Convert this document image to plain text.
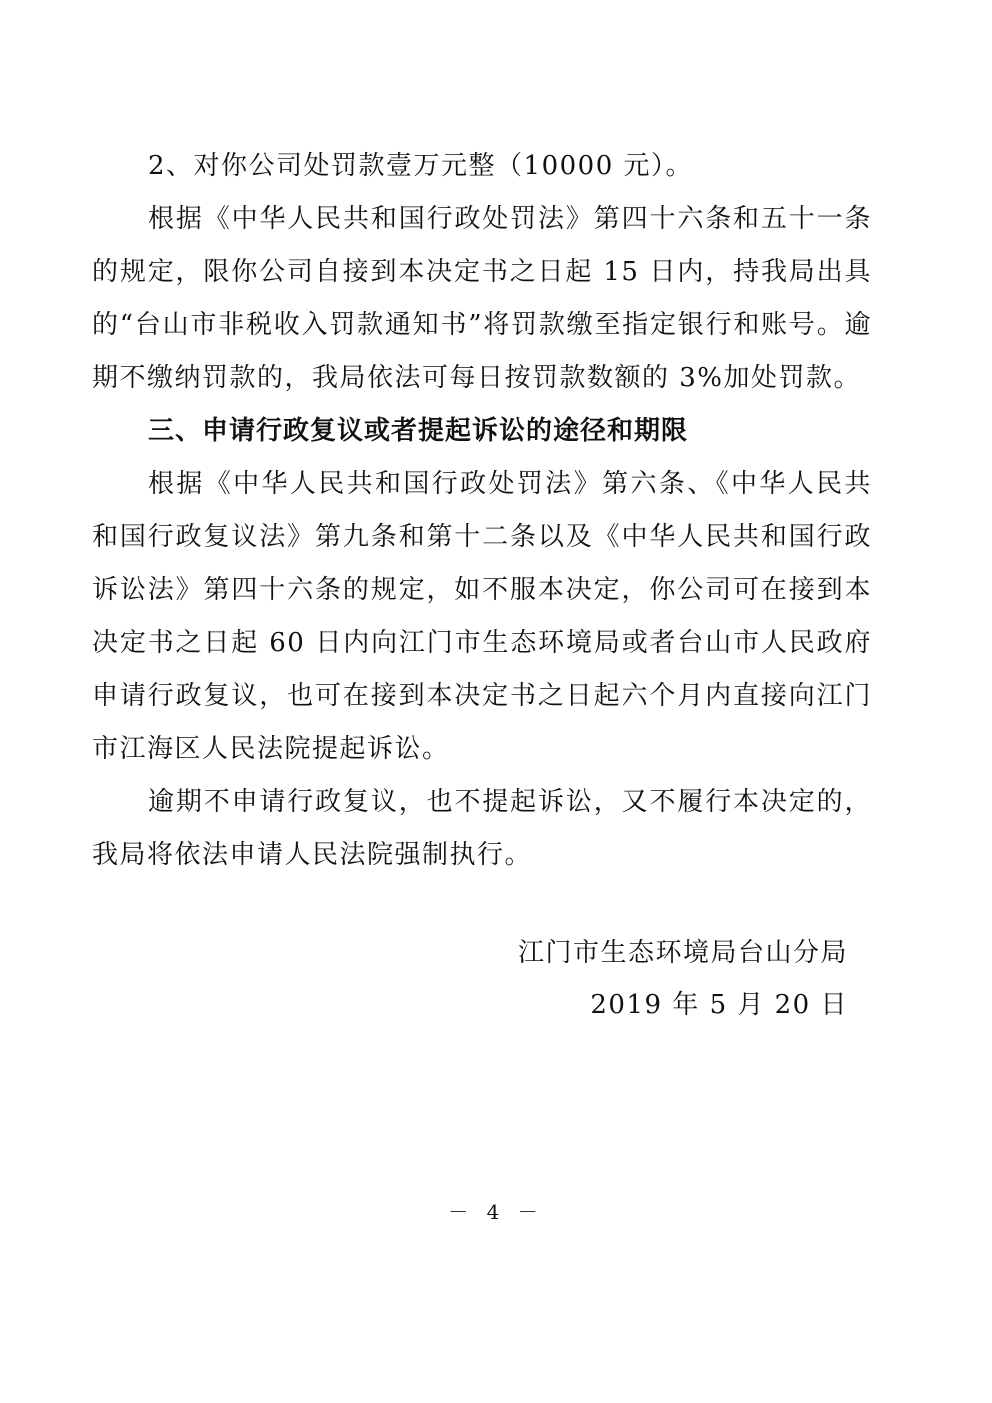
2、对你公司处罚款壹万元整（10000 元）。

根据《中华人民共和国行政处罚法》第四十六条和五十一条的规定，限你公司自接到本决定书之日起 15 日内，持我局出具的“台山市非税收入罚款通知书”将罚款缴至指定银行和账号。逾期不缴纳罚款的，我局依法可每日按罚款数额的 3%加处罚款。

三、申请行政复议或者提起诉讼的途径和期限

根据《中华人民共和国行政处罚法》第六条、《中华人民共和国行政复议法》第九条和第十二条以及《中华人民共和国行政诉讼法》第四十六条的规定，如不服本决定，你公司可在接到本决定书之日起 60 日内向江门市生态环境局或者台山市人民政府申请行政复议，也可在接到本决定书之日起六个月内直接向江门市江海区人民法院提起诉讼。

逾期不申请行政复议，也不提起诉讼，又不履行本决定的，我局将依法申请人民法院强制执行。

江门市生态环境局台山分局

2019 年 5 月 20 日

－ 4 －
